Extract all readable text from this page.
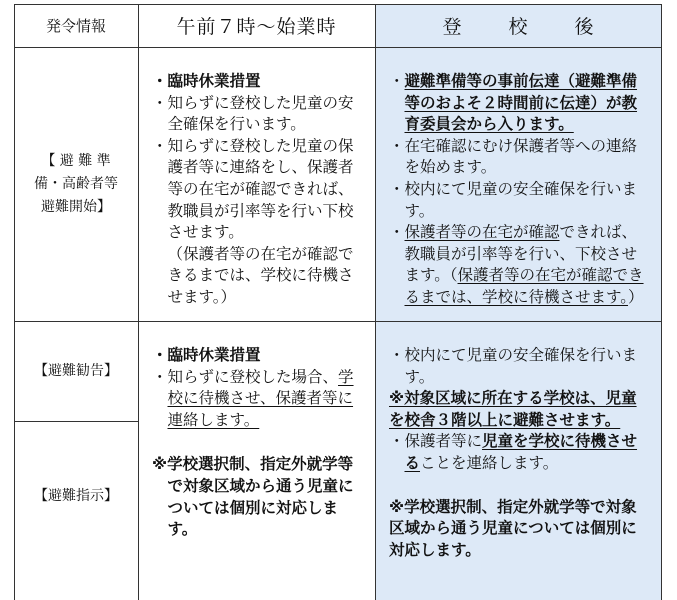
発令情報	午前７時～始業時	登　校　後
【 避 難 準
備・高齢者等
避難開始】

・臨時休業措置

・知らずに登校した児童の安全確保を行います。

・知らずに登校した児童の保護者等に連絡をし、保護者等の在宅が確認できれば、教職員が引率等を行い下校させます。

（保護者等の在宅が確認できるまでは、学校に待機させます。）

・避難準備等の事前伝達（避難準備等のおよそ２時間前に伝達）が教育委員会から入ります。

・在宅確認にむけ保護者等への連絡を始めます。

・校内にて児童の安全確保を行います。

・保護者等の在宅が確認できれば、教職員が引率等を行い、下校させます。（保護者等の在宅が確認できるまでは、学校に待機させます。）

【避難勧告】
【避難指示】

・臨時休業措置

・知らずに登校した場合、学校に待機させ、保護者等に連絡します。

※学校選択制、指定外就学等で対象区域から通う児童については個別に対応します。

・校内にて児童の安全確保を行います。

※対象区域に所在する学校は、児童を校舎３階以上に避難させます。

・保護者等に児童を学校に待機させることを連絡します。

※学校選択制、指定外就学等で対象区域から通う児童については個別に対応します。
